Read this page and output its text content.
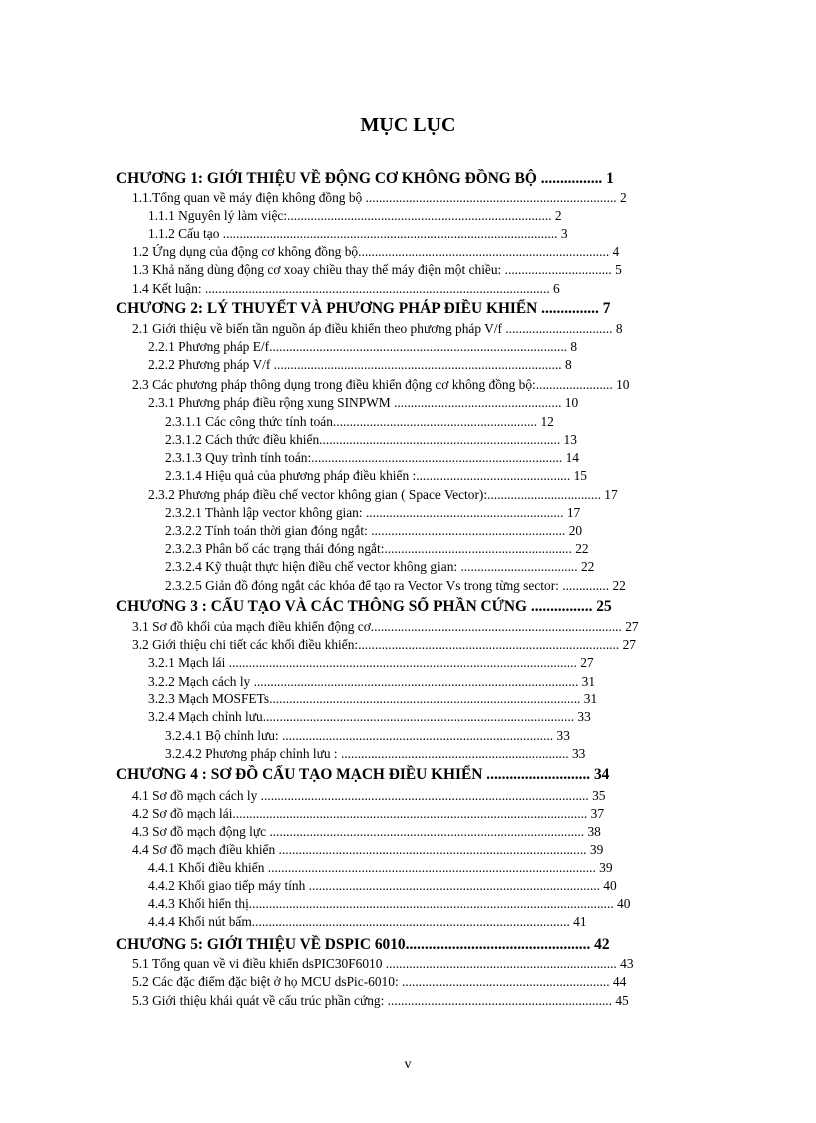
MỤC LỤC
CHƯƠNG 1: GIỚI THIỆU VỀ ĐỘNG CƠ KHÔNG ĐỒNG BỘ ................ 1
1.1.Tổng quan về máy điện không đồng bộ ........................................................................... 2
1.1.1 Nguyên lý làm việc:............................................................................... 2
1.1.2 Cấu tạo .................................................................................................... 3
1.2 Ứng dụng của động cơ không đồng bộ........................................................................... 4
1.3 Khả năng dùng động cơ xoay chiều thay thế máy điện một chiều: ................................ 5
1.4 Kết luận: ....................................................................................................... 6
CHƯƠNG 2: LÝ THUYẾT VÀ PHƯƠNG PHÁP ĐIỀU KHIỂN ............... 7
2.1 Giới thiệu về biến tần nguồn áp điều khiển theo phương pháp V/f ................................ 8
2.2.1 Phương pháp E/f......................................................................................... 8
2.2.2 Phương pháp V/f ...................................................................................... 8
2.3 Các phương pháp thông dụng trong điều khiển động cơ không đồng bộ:....................... 10
2.3.1 Phương pháp điều rộng xung SINPWM .................................................. 10
2.3.1.1 Các công thức tính toán............................................................. 12
2.3.1.2 Cách thức điều khiển........................................................................ 13
2.3.1.3 Quy trình tính toán:........................................................................... 14
2.3.1.4 Hiệu quả của phương pháp điều khiển :.............................................. 15
2.3.2 Phương pháp điều chế vector không gian ( Space Vector):.................................. 17
2.3.2.1 Thành lập vector không gian: ........................................................... 17
2.3.2.2 Tính toán thời gian đóng ngắt: .......................................................... 20
2.3.2.3 Phân bố các trạng thái đóng ngắt:........................................................ 22
2.3.2.4 Kỹ thuật thực hiện điều chế vector không gian: ................................... 22
2.3.2.5 Giản đồ đóng ngắt các khóa để tạo ra Vector Vs trong từng sector: .............. 22
CHƯƠNG 3 : CẤU TẠO VÀ CÁC THÔNG SỐ PHẦN CỨNG ................ 25
3.1 Sơ đồ khối của mạch điều khiển động cơ........................................................................... 27
3.2 Giới thiệu chi tiết các khối điều khiển:.............................................................................. 27
3.2.1 Mạch lái ........................................................................................................ 27
3.2.2 Mạch cách ly ................................................................................................. 31
3.2.3 Mạch MOSFETs............................................................................................. 31
3.2.4 Mạch chỉnh lưu............................................................................................. 33
3.2.4.1 Bộ chỉnh lưu: ................................................................................. 33
3.2.4.2 Phương pháp chỉnh lưu : .................................................................... 33
CHƯƠNG 4 : SƠ ĐỒ CẤU TẠO MẠCH ĐIỀU KHIỂN ........................... 34
4.1 Sơ đồ mạch cách ly .................................................................................................. 35
4.2 Sơ đồ mạch lái.......................................................................................................... 37
4.3 Sơ đồ mạch động lực .............................................................................................. 38
4.4 Sơ đồ mạch điều khiển ............................................................................................ 39
4.4.1 Khối điều khiển .................................................................................................. 39
4.4.2 Khối giao tiếp máy tính ....................................................................................... 40
4.4.3 Khối hiển thị............................................................................................................. 40
4.4.4 Khối nút bấm............................................................................................... 41
CHƯƠNG 5: GIỚI THIỆU VỀ DSPIC 6010................................................ 42
5.1 Tổng quan về vi điều khiển dsPIC30F6010 ..................................................................... 43
5.2 Các đặc điểm đặc biệt ở họ MCU dsPic-6010: .............................................................. 44
5.3 Giới thiệu khái quát về cấu trúc phần cứng: ................................................................... 45
v
